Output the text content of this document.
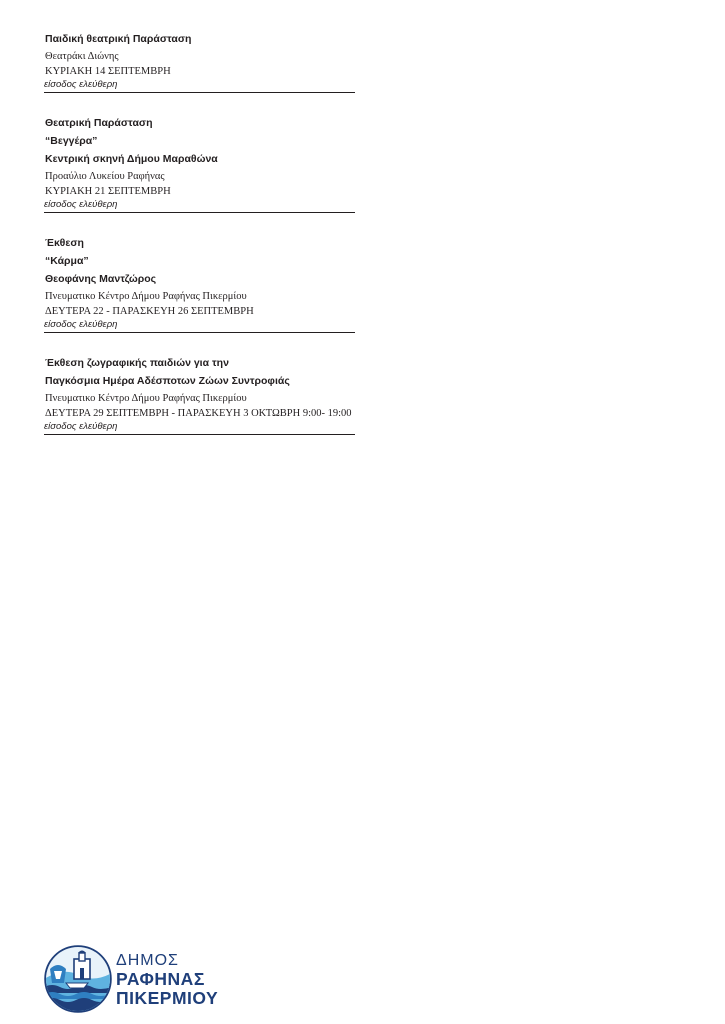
Παιδική θεατρική Παράσταση
Θεατράκι Διώνης
ΚΥΡΙΑΚΗ 14 ΣΕΠΤΕΜΒΡΗ
είσοδος ελεύθερη
Θεατρική Παράσταση
“Βεγγέρα”
Κεντρική σκηνή Δήμου Μαραθώνα
Προαύλιο Λυκείου Ραφήνας
ΚΥΡΙΑΚΗ 21 ΣΕΠΤΕΜΒΡΗ
είσοδος ελεύθερη
Έκθεση
“Κάρμα”
Θεοφάνης Μαντζώρος
Πνευματικο Κέντρο Δήμου Ραφήνας Πικερμίου
ΔΕΥΤΕΡΑ 22 - ΠΑΡΑΣΚΕΥΗ 26 ΣΕΠΤΕΜΒΡΗ
είσοδος ελεύθερη
Έκθεση ζωγραφικής παιδιών για την
Παγκόσμια Ημέρα Αδέσποτων Ζώων Συντροφιάς
Πνευματικο Κέντρο Δήμου Ραφήνας Πικερμίου
ΔΕΥΤΕΡΑ 29 ΣΕΠΤΕΜΒΡΗ - ΠΑΡΑΣΚΕΥΗ 3 ΟΚΤΩΒΡΗ 9:00- 19:00
είσοδος ελεύθερη
ΔΗΜΟΣ
ΡΑΦΗΝΑΣ
ΠΙΚΕΡΜΙΟΥ
